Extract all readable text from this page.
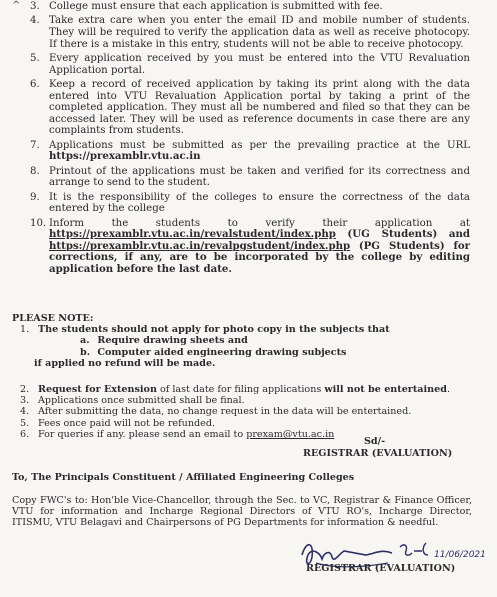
^ 3. College must ensure that each application is submitted with fee.
4. Take extra care when you enter the email ID and mobile number of students. They will be required to verify the application data as well as receive photocopy. If there is a mistake in this entry, students will not be able to receive photocopy.
5. Every application received by you must be entered into the VTU Revaluation Application portal.
6. Keep a record of received application by taking its print along with the data entered into VTU Revaluation Application portal by taking a print of the completed application. They must all be numbered and filed so that they can be accessed later. They will be used as reference documents in case there are any complaints from students.
7. Applications must be submitted as per the prevailing practice at the URL https://prexamblr.vtu.ac.in
8. Printout of the applications must be taken and verified for its correctness and arrange to send to the student.
9. It is the responsibility of the colleges to ensure the correctness of the data entered by the college
10. Inform the students to verify their application at https://prexamblr.vtu.ac.in/revalstudent/index.php (UG Students) and https://prexamblr.vtu.ac.in/revalpgstudent/index.php (PG Students) for corrections, if any, are to be incorporated by the college by editing application before the last date.
PLEASE NOTE:
1. The students should not apply for photo copy in the subjects that
a. Require drawing sheets and
b. Computer aided engineering drawing subjects
if applied no refund will be made.
2. Request for Extension of last date for filing applications will not be entertained.
3. Applications once submitted shall be final.
4. After submitting the data, no change request in the data will be entertained.
5. Fees once paid will not be refunded.
6. For queries if any. please send an email to prexam@vtu.ac.in
Sd/-
REGISTRAR (EVALUATION)
To, The Principals Constituent / Affiliated Engineering Colleges
Copy FWC's to: Hon'ble Vice-Chancellor, through the Sec. to VC, Registrar & Finance Officer, VTU for information and Incharge Regional Directors of VTU RO's, Incharge Director, ITISMU, VTU Belagavi and Chairpersons of PG Departments for information & needful.
11/06/2021
REGISTRAR (EVALUATION)
